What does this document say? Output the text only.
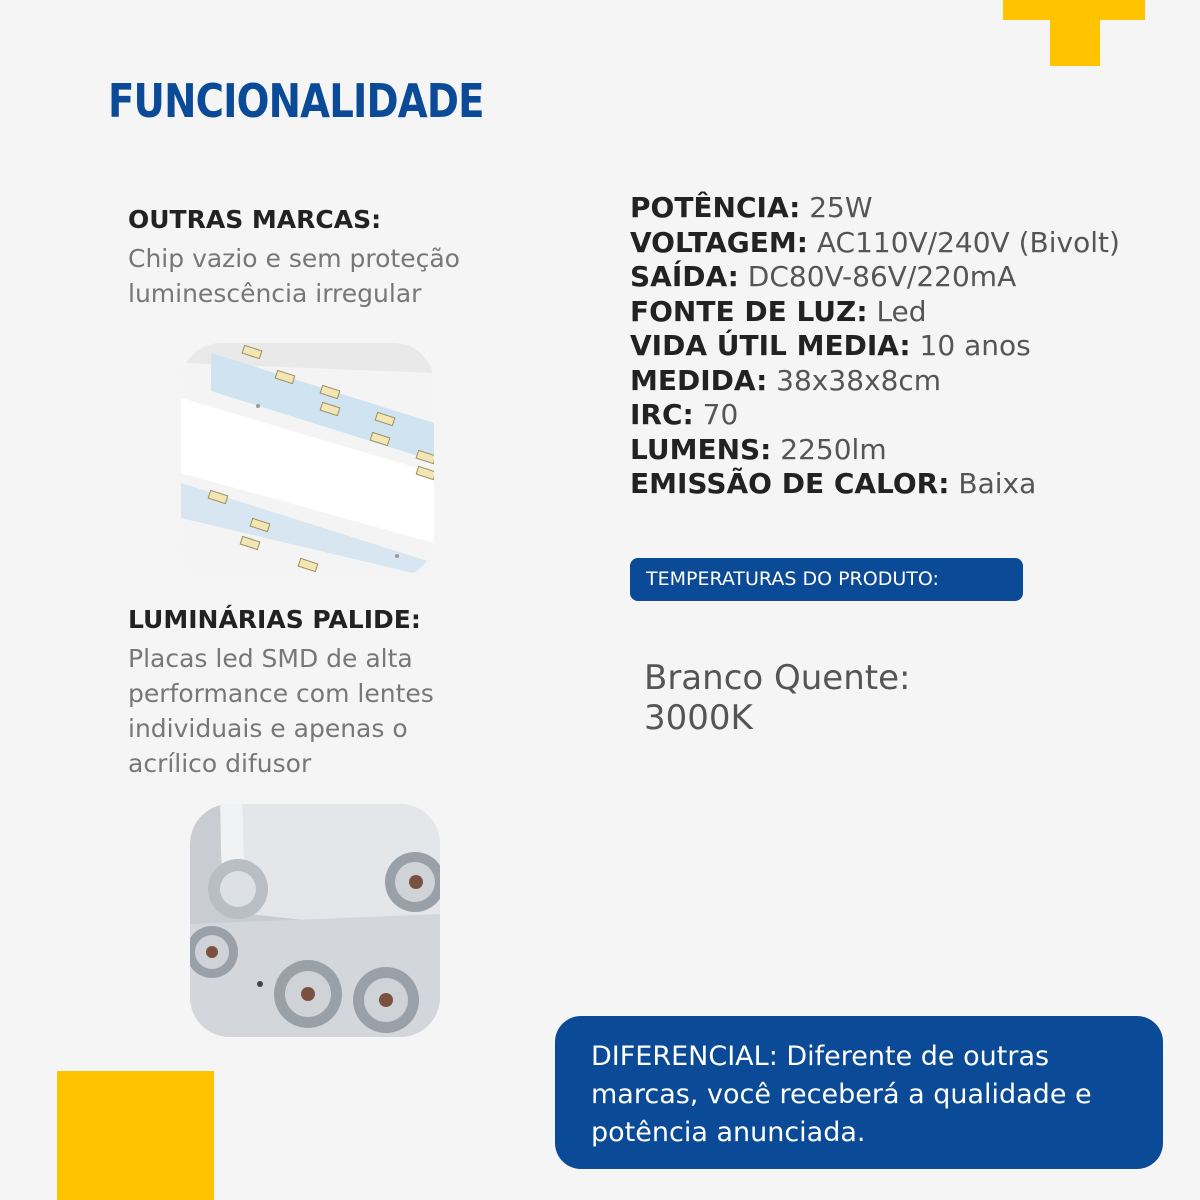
FUNCIONALIDADE
OUTRAS MARCAS:
Chip vazio e sem proteção
luminescência irregular
LUMINÁRIAS PALIDE:
Placas led SMD de alta
performance com lentes
individuais e apenas o
acrílico difusor
POTÊNCIA: 25W
VOLTAGEM: AC110V/240V (Bivolt)
SAÍDA: DC80V-86V/220mA
FONTE DE LUZ: Led
VIDA ÚTIL MEDIA: 10 anos
MEDIDA: 38x38x8cm
IRC: 70
LUMENS: 2250lm
EMISSÃO DE CALOR: Baixa
TEMPERATURAS DO PRODUTO:
Branco Quente:
3000K
DIFERENCIAL: Diferente de outras
marcas, você receberá a qualidade e
potência anunciada.
